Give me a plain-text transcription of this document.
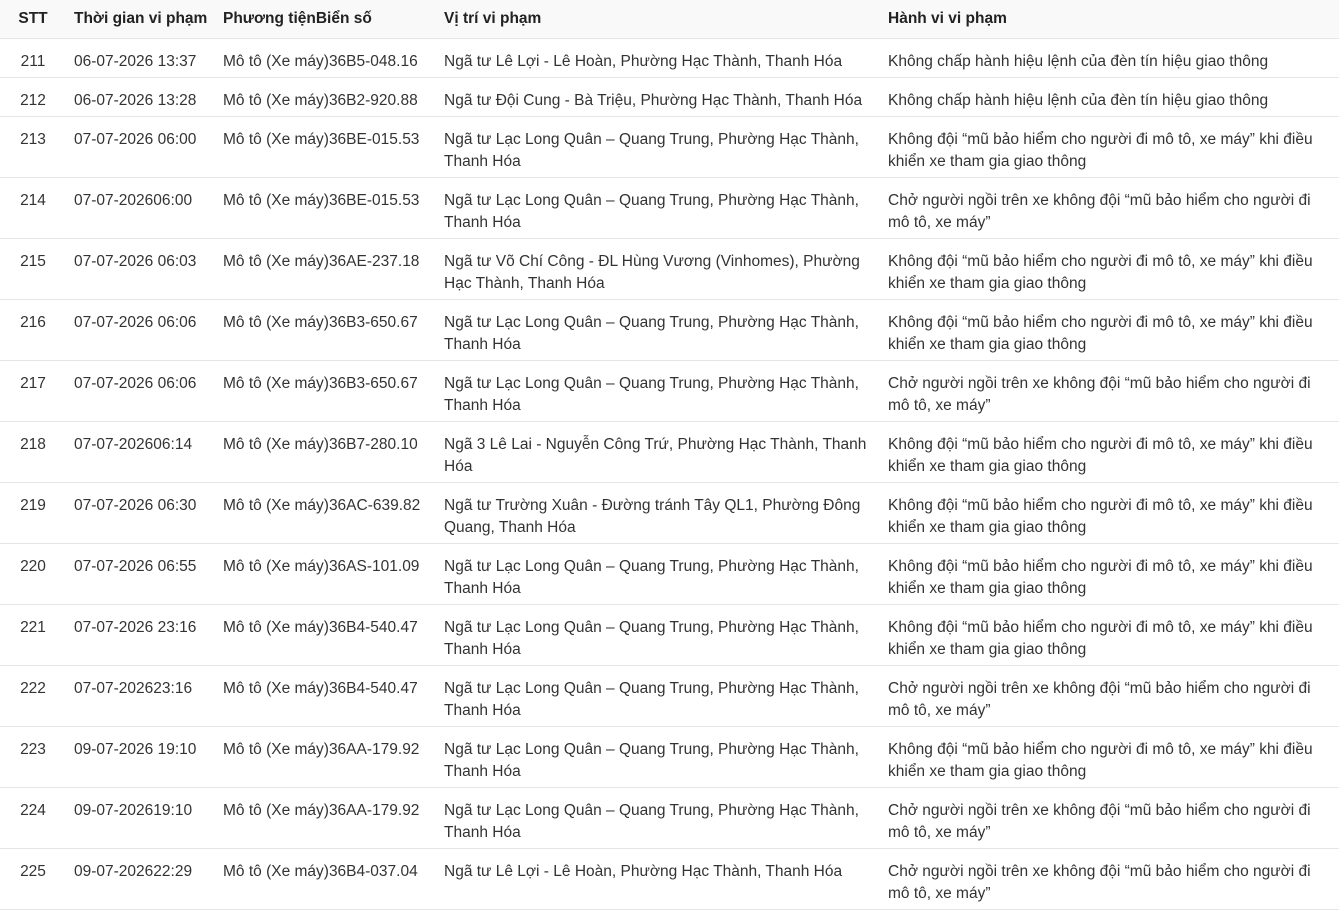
STT	Thời gian vi phạm	Phương tiệnBiển số	Vị trí vi phạm	Hành vi vi phạm
211	06-07-2026 13:37	Mô tô (Xe máy)36B5-048.16	Ngã tư Lê Lợi - Lê Hoàn, Phường Hạc Thành, Thanh Hóa	Không chấp hành hiệu lệnh của đèn tín hiệu giao thông
212	06-07-2026 13:28	Mô tô (Xe máy)36B2-920.88	Ngã tư Đội Cung - Bà Triệu, Phường Hạc Thành, Thanh Hóa	Không chấp hành hiệu lệnh của đèn tín hiệu giao thông
213	07-07-2026 06:00	Mô tô (Xe máy)36BE-015.53	Ngã tư Lạc Long Quân – Quang Trung, Phường Hạc Thành, Thanh Hóa	Không đội “mũ bảo hiểm cho người đi mô tô, xe máy” khi điều khiển xe tham gia giao thông
214	07-07-202606:00	Mô tô (Xe máy)36BE-015.53	Ngã tư Lạc Long Quân – Quang Trung, Phường Hạc Thành, Thanh Hóa	Chở người ngồi trên xe không đội “mũ bảo hiểm cho người đi mô tô, xe máy”
215	07-07-2026 06:03	Mô tô (Xe máy)36AE-237.18	Ngã tư Võ Chí Công - ĐL Hùng Vương (Vinhomes), Phường Hạc Thành, Thanh Hóa	Không đội “mũ bảo hiểm cho người đi mô tô, xe máy” khi điều khiển xe tham gia giao thông
216	07-07-2026 06:06	Mô tô (Xe máy)36B3-650.67	Ngã tư Lạc Long Quân – Quang Trung, Phường Hạc Thành, Thanh Hóa	Không đội “mũ bảo hiểm cho người đi mô tô, xe máy” khi điều khiển xe tham gia giao thông
217	07-07-2026 06:06	Mô tô (Xe máy)36B3-650.67	Ngã tư Lạc Long Quân – Quang Trung, Phường Hạc Thành, Thanh Hóa	Chở người ngồi trên xe không đội “mũ bảo hiểm cho người đi mô tô, xe máy”
218	07-07-202606:14	Mô tô (Xe máy)36B7-280.10	Ngã 3 Lê Lai - Nguyễn Công Trứ, Phường Hạc Thành, Thanh Hóa	Không đội “mũ bảo hiểm cho người đi mô tô, xe máy” khi điều khiển xe tham gia giao thông
219	07-07-2026 06:30	Mô tô (Xe máy)36AC-639.82	Ngã tư Trường Xuân - Đường tránh Tây QL1, Phường Đông Quang, Thanh Hóa	Không đội “mũ bảo hiểm cho người đi mô tô, xe máy” khi điều khiển xe tham gia giao thông
220	07-07-2026 06:55	Mô tô (Xe máy)36AS-101.09	Ngã tư Lạc Long Quân – Quang Trung, Phường Hạc Thành, Thanh Hóa	Không đội “mũ bảo hiểm cho người đi mô tô, xe máy” khi điều khiển xe tham gia giao thông
221	07-07-2026 23:16	Mô tô (Xe máy)36B4-540.47	Ngã tư Lạc Long Quân – Quang Trung, Phường Hạc Thành, Thanh Hóa	Không đội “mũ bảo hiểm cho người đi mô tô, xe máy” khi điều khiển xe tham gia giao thông
222	07-07-202623:16	Mô tô (Xe máy)36B4-540.47	Ngã tư Lạc Long Quân – Quang Trung, Phường Hạc Thành, Thanh Hóa	Chở người ngồi trên xe không đội “mũ bảo hiểm cho người đi mô tô, xe máy”
223	09-07-2026 19:10	Mô tô (Xe máy)36AA-179.92	Ngã tư Lạc Long Quân – Quang Trung, Phường Hạc Thành, Thanh Hóa	Không đội “mũ bảo hiểm cho người đi mô tô, xe máy” khi điều khiển xe tham gia giao thông
224	09-07-202619:10	Mô tô (Xe máy)36AA-179.92	Ngã tư Lạc Long Quân – Quang Trung, Phường Hạc Thành, Thanh Hóa	Chở người ngồi trên xe không đội “mũ bảo hiểm cho người đi mô tô, xe máy”
225	09-07-202622:29	Mô tô (Xe máy)36B4-037.04	Ngã tư Lê Lợi - Lê Hoàn, Phường Hạc Thành, Thanh Hóa	Chở người ngồi trên xe không đội “mũ bảo hiểm cho người đi mô tô, xe máy”
